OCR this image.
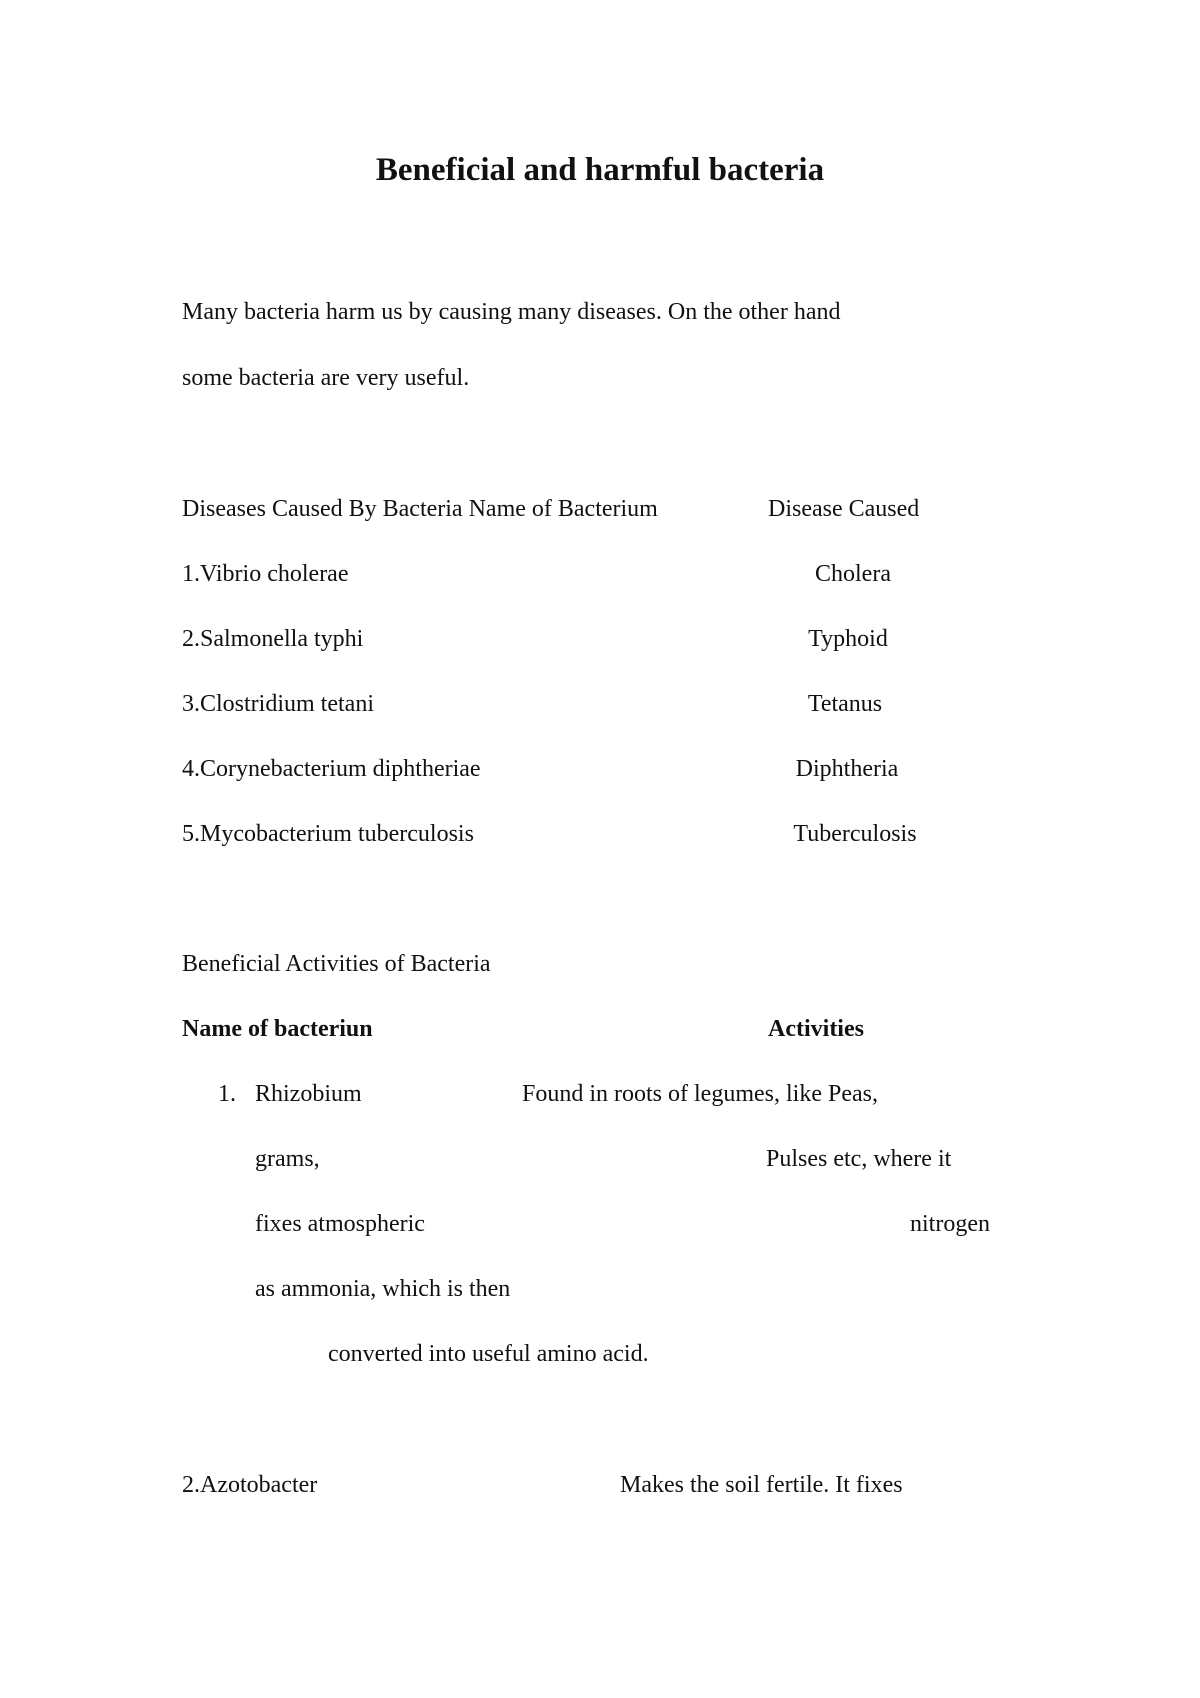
Beneficial and harmful bacteria
Many bacteria harm us by causing many diseases. On the other hand
some bacteria are very useful.
Diseases Caused By Bacteria Name of Bacterium	Disease Caused
1.Vibrio cholerae	Cholera
2.Salmonella typhi	Typhoid
3.Clostridium tetani	Tetanus
4.Corynebacterium diphtheriae	Diphtheria
5.Mycobacterium tuberculosis	Tuberculosis
Beneficial Activities of Bacteria
Name of bacteriun	Activities
1. Rhizobium	Found in roots of legumes, like Peas,
grams,	Pulses etc, where it
fixes atmospheric	nitrogen
as ammonia, which is then
converted into useful amino acid.
2.Azotobacter	Makes the soil fertile. It fixes
